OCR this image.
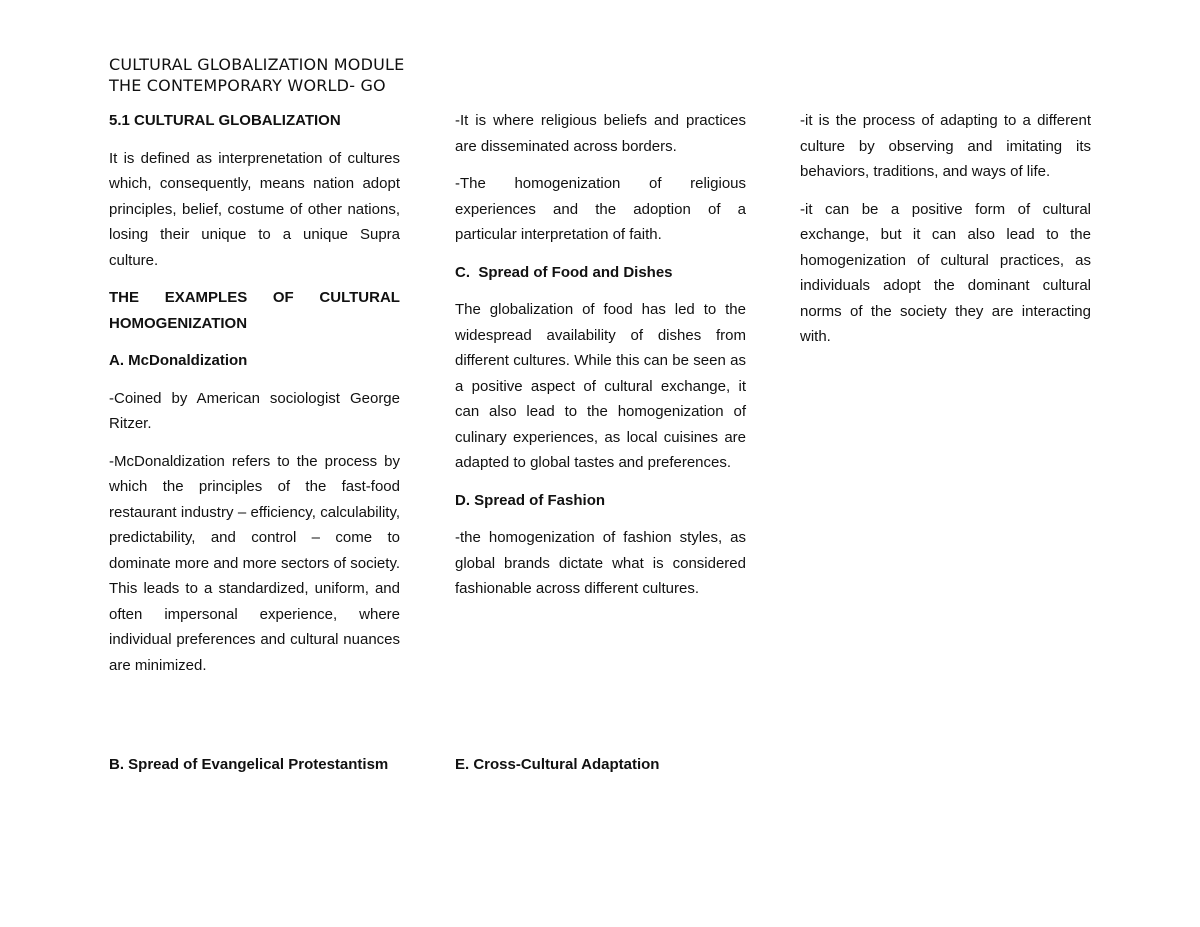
CULTURAL GLOBALIZATION MODULE
THE CONTEMPORARY WORLD- GO
5.1 CULTURAL GLOBALIZATION
It is defined as interprenetation of cultures which, consequently, means nation adopt principles, belief, costume of other nations, losing their unique to a unique Supra culture.
THE EXAMPLES OF CULTURAL
HOMOGENIZATION
A. McDonaldization
-Coined by American sociologist George Ritzer.
-McDonaldization refers to the process by which the principles of the fast-food restaurant industry – efficiency, calculability, predictability, and control – come to dominate more and more sectors of society. This leads to a standardized, uniform, and often impersonal experience, where individual preferences and cultural nuances are minimized.
-It is where religious beliefs and practices are disseminated across borders.
-The homogenization of religious experiences and the adoption of a particular interpretation of faith.
C.  Spread of Food and Dishes
The globalization of food has led to the widespread availability of dishes from different cultures. While this can be seen as a positive aspect of cultural exchange, it can also lead to the homogenization of culinary experiences, as local cuisines are adapted to global tastes and preferences.
D. Spread of Fashion
-the homogenization of fashion styles, as global brands dictate what is considered fashionable across different cultures.
-it is the process of adapting to a different culture by observing and imitating its behaviors, traditions, and ways of life.
-it can be a positive form of cultural exchange, but it can also lead to the homogenization of cultural practices, as individuals adopt the dominant cultural norms of the society they are interacting with.
B. Spread of Evangelical Protestantism	E. Cross-Cultural Adaptation
